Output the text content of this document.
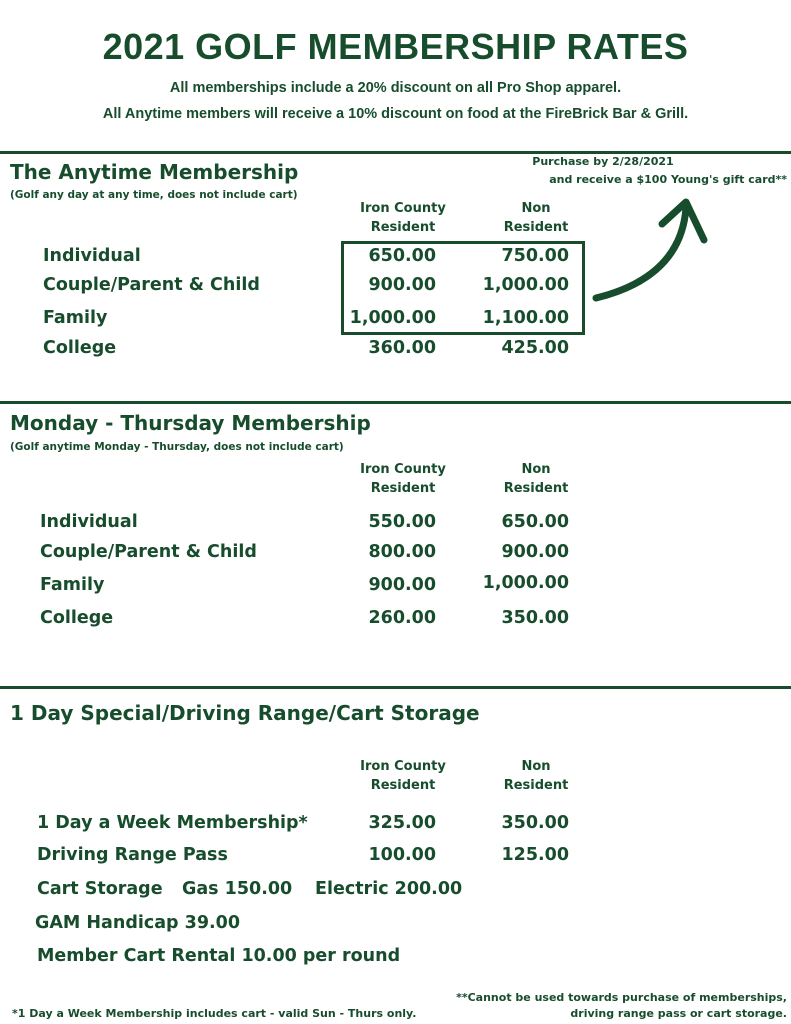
2021 GOLF MEMBERSHIP RATES
All memberships include a 20% discount on all Pro Shop apparel.
All Anytime members will receive a 10% discount on food at the FireBrick Bar & Grill.
The Anytime Membership
(Golf any day at any time, does not include cart)
Purchase by 2/28/2021
and receive a $100 Young's gift card**
Iron County
Resident
Non
Resident
Individual	650.00	750.00
Couple/Parent & Child	900.00	1,000.00
Family	1,000.00	1,100.00
College	360.00	425.00
Monday - Thursday Membership
(Golf anytime Monday - Thursday, does not include cart)
Iron County
Resident
Non
Resident
Individual	550.00	650.00
Couple/Parent & Child	800.00	900.00
Family	900.00	1,000.00
College	260.00	350.00
1 Day Special/Driving Range/Cart Storage
Iron County
Resident
Non
Resident
1 Day a Week Membership*	325.00	350.00
Driving Range Pass	100.00	125.00
Cart Storage Gas 150.00 Electric 200.00
GAM Handicap 39.00
Member Cart Rental 10.00 per round
*1 Day a Week Membership includes cart - valid Sun - Thurs only.
**Cannot be used towards purchase of memberships,
driving range pass or cart storage.
